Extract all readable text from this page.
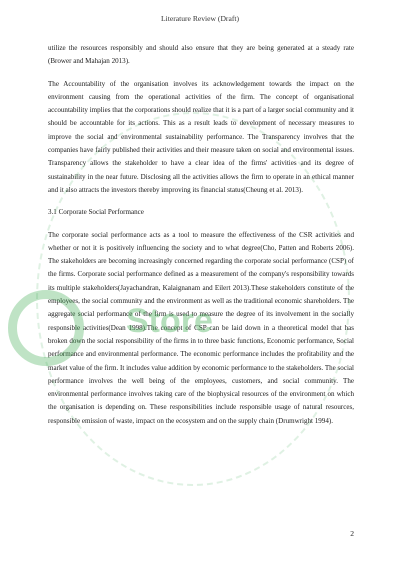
Literature Review (Draft)

utilize the resources responsibly and should also ensure that they are being generated at a steady rate (Brower and Mahajan 2013).

The Accountability of the organisation involves its acknowledgement towards the impact on the environment causing from the operational activities of the firm. The concept of organisational accountability implies that the corporations should realize that it is a part of a larger social community and it should be accountable for its actions. This as a result leads to development of necessary measures to improve the social and environmental sustainability performance. The Transparency involves that the companies have fairly published their activities and their measure taken on social and environmental issues. Transparency allows the stakeholder to have a clear idea of the firms' activities and its degree of sustainability in the near future. Disclosing all the activities allows the firm to operate in an ethical manner and it also attracts the investors thereby improving its financial status(Cheung et al. 2013).

3.1 Corporate Social Performance

The corporate social performance acts as a tool to measure the effectiveness of the CSR activities and whether or not it is positively influencing the society and to what degree(Cho, Patten and Roberts 2006). The stakeholders are becoming increasingly concerned regarding the corporate social performance (CSP) of the firms. Corporate social performance defined as a measurement of the company's responsibility towards its multiple stakeholders(Jayachandran, Kalaignanam and Eilert 2013).These stakeholders constitute of the employees, the social community and the environment as well as the traditional economic shareholders. The aggregate social performance of the firm is used to measure the degree of its involvement in the socially responsible activities(Dean 1998).The concept of CSP can be laid down in a theoretical model that has broken down the social responsibility of the firms in to three basic functions, Economic performance, Social performance and environmental performance. The economic performance includes the profitability and the market value of the firm. It includes value addition by economic performance to the stakeholders. The social performance involves the well being of the employees, customers, and social community. The environmental performance involves taking care of the biophysical resources of the environment on which the organisation is depending on. These responsibilities include responsible usage of natural resources, responsible emission of waste, impact on the ecosystem and on the supply chain (Drumwright 1994).

2
Store
